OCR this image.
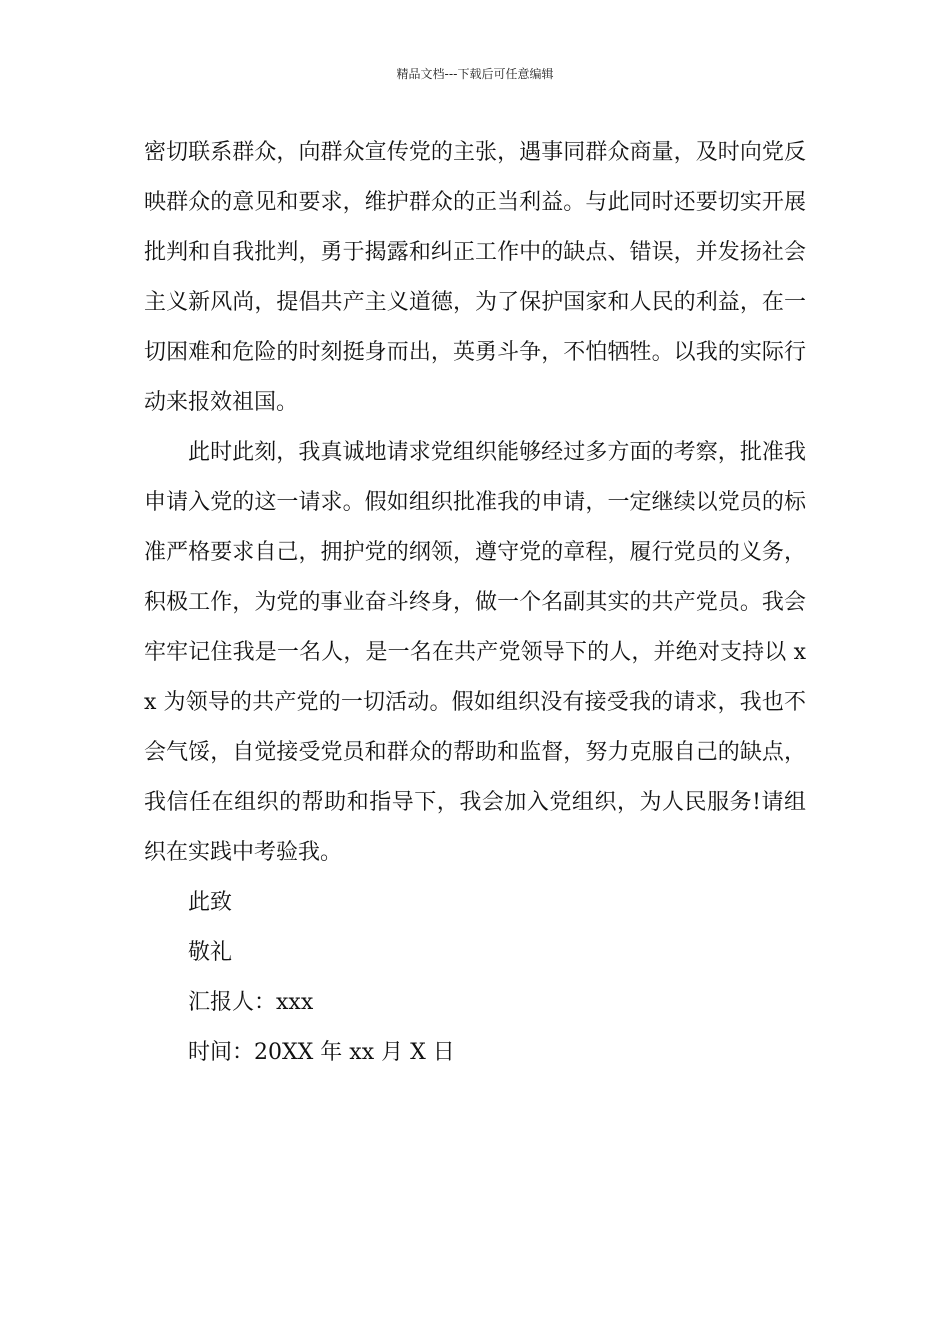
精品文档---下载后可任意编辑

密切联系群众，向群众宣传党的主张，遇事同群众商量，及时向党反映群众的意见和要求，维护群众的正当利益。与此同时还要切实开展批判和自我批判，勇于揭露和纠正工作中的缺点、错误，并发扬社会主义新风尚，提倡共产主义道德，为了保护国家和人民的利益，在一切困难和危险的时刻挺身而出，英勇斗争，不怕牺牲。以我的实际行动来报效祖国。

此时此刻，我真诚地请求党组织能够经过多方面的考察，批准我申请入党的这一请求。假如组织批准我的申请，一定继续以党员的标准严格要求自己，拥护党的纲领，遵守党的章程，履行党员的义务，积极工作，为党的事业奋斗终身，做一个名副其实的共产党员。我会牢牢记住我是一名人，是一名在共产党领导下的人，并绝对支持以 xx 为领导的共产党的一切活动。假如组织没有接受我的请求，我也不会气馁，自觉接受党员和群众的帮助和监督，努力克服自己的缺点，我信任在组织的帮助和指导下，我会加入党组织，为人民服务!请组织在实践中考验我。

此致

敬礼

汇报人：xxx

时间：20XX 年 xx 月 X 日
